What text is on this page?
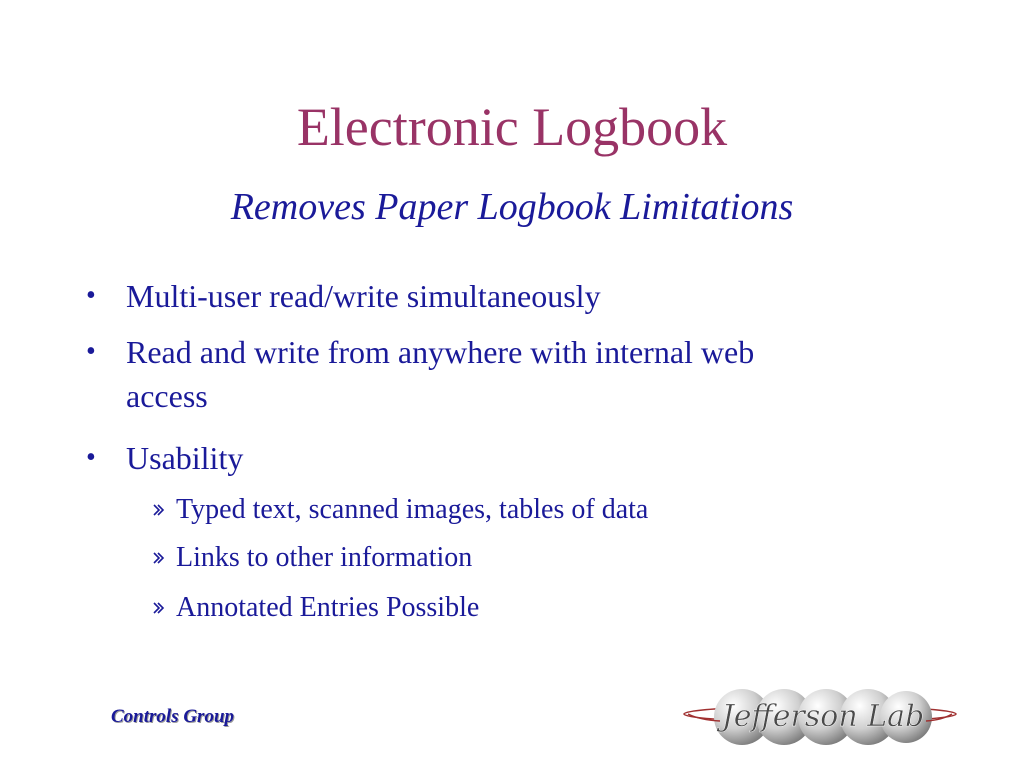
Electronic Logbook
Removes Paper Logbook Limitations
• Multi-user read/write simultaneously
• Read and write from anywhere with internal web
access
• Usability
Typed text, scanned images, tables of data
Links to other information
Annotated Entries Possible
Controls Group	Jefferson Lab
